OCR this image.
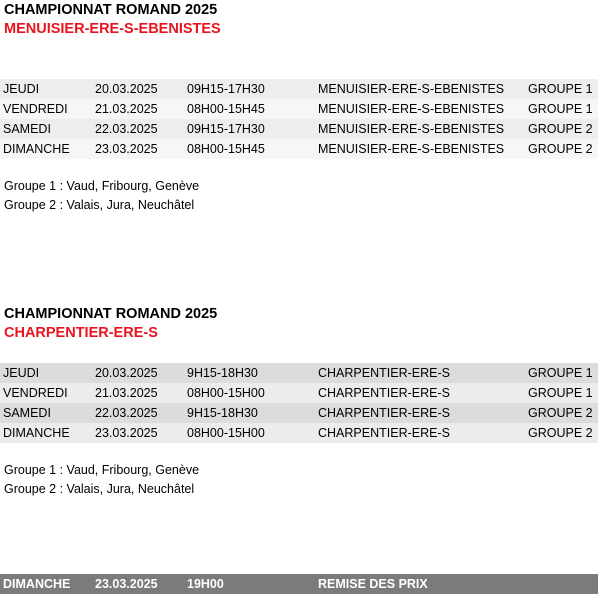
CHAMPIONNAT ROMAND 2025
MENUISIER-ERE-S-EBENISTES
JEUDI	20.03.2025 09H15-17H30	MENUISIER-ERE-S-EBENISTES GROUPE 1
VENDREDI 21.03.2025 08H00-15H45	MENUISIER-ERE-S-EBENISTES GROUPE 1
SAMEDI	22.03.2025 09H15-17H30	MENUISIER-ERE-S-EBENISTES GROUPE 2
DIMANCHE 23.03.2025 08H00-15H45	MENUISIER-ERE-S-EBENISTES GROUPE 2
Groupe 1 : Vaud, Fribourg, Genève
Groupe 2 : Valais, Jura, Neuchâtel
CHAMPIONNAT ROMAND 2025
CHARPENTIER-ERE-S
JEUDI	20.03.2025 9H15-18H30	CHARPENTIER-ERE-S	GROUPE 1
VENDREDI 21.03.2025 08H00-15H00	CHARPENTIER-ERE-S	GROUPE 1
SAMEDI	22.03.2025 9H15-18H30	CHARPENTIER-ERE-S	GROUPE 2
DIMANCHE 23.03.2025 08H00-15H00	CHARPENTIER-ERE-S	GROUPE 2
Groupe 1 : Vaud, Fribourg, Genève
Groupe 2 : Valais, Jura, Neuchâtel
DIMANCHE 23.03.2025 19H00	REMISE DES PRIX
